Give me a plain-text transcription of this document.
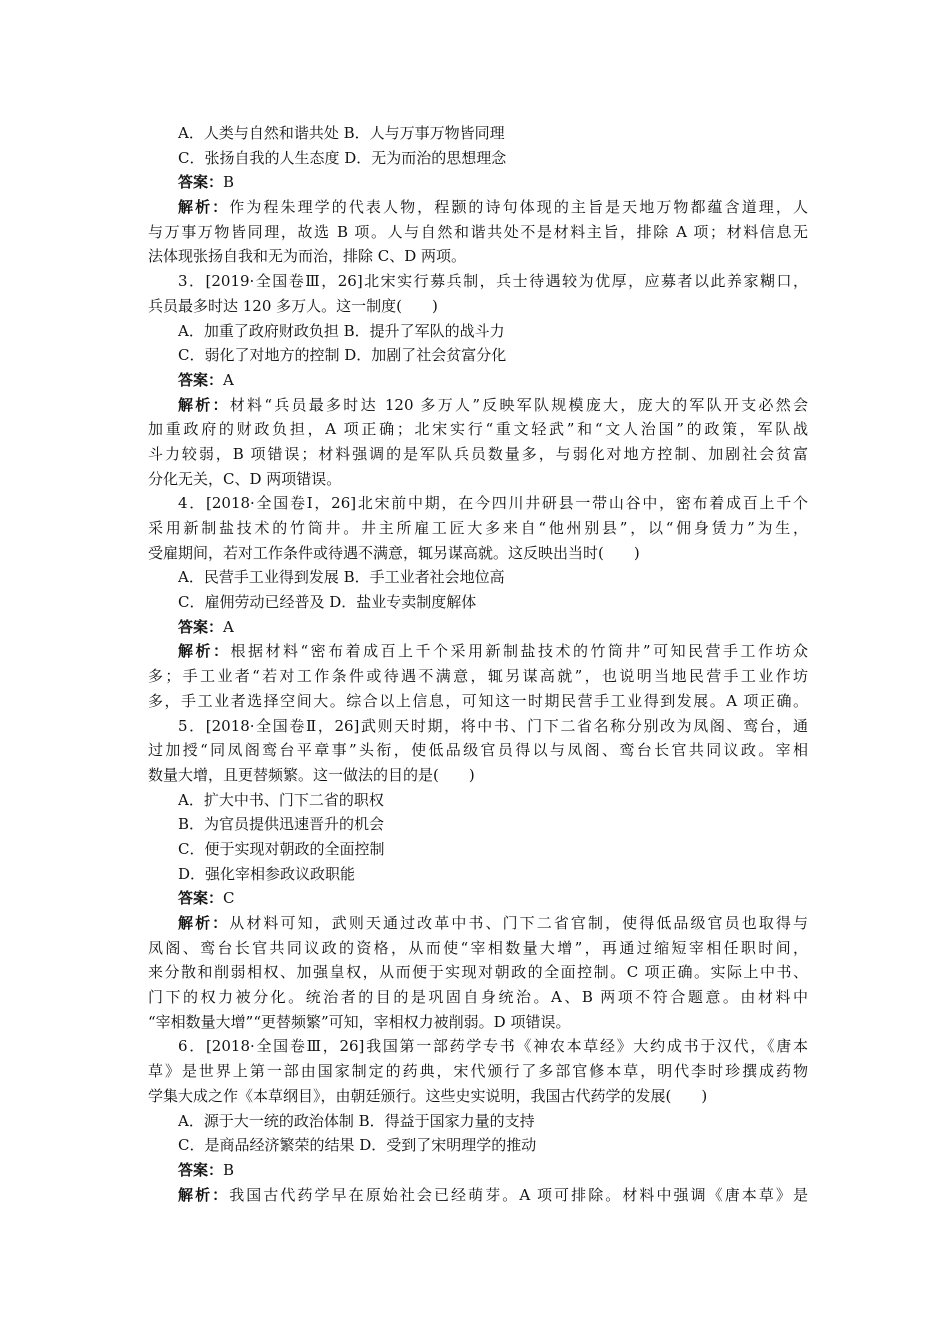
A．人类与自然和谐共处 B．人与万事万物皆同理
C．张扬自我的人生态度 D．无为而治的思想理念
答案：B
解析：作为程朱理学的代表人物，程颢的诗句体现的主旨是天地万物都蕴含道理，人
与万事万物皆同理，故选 B 项。人与自然和谐共处不是材料主旨，排除 A 项；材料信息无
法体现张扬自我和无为而治，排除 C、D 两项。
3．[2019·全国卷Ⅲ，26]北宋实行募兵制，兵士待遇较为优厚，应募者以此养家糊口，
兵员最多时达 120 多万人。这一制度(　　)
A．加重了政府财政负担 B．提升了军队的战斗力
C．弱化了对地方的控制 D．加剧了社会贫富分化
答案：A
解析：材料“兵员最多时达 120 多万人”反映军队规模庞大，庞大的军队开支必然会
加重政府的财政负担，A 项正确；北宋实行“重文轻武”和“文人治国”的政策，军队战
斗力较弱，B 项错误；材料强调的是军队兵员数量多，与弱化对地方控制、加剧社会贫富
分化无关，C、D 两项错误。
4．[2018·全国卷Ⅰ，26]北宋前中期，在今四川井研县一带山谷中，密布着成百上千个
采用新制盐技术的竹筒井。井主所雇工匠大多来自“他州别县”，以“佣身赁力”为生，
受雇期间，若对工作条件或待遇不满意，辄另谋高就。这反映出当时(　　)
A．民营手工业得到发展 B．手工业者社会地位高
C．雇佣劳动已经普及 D．盐业专卖制度解体
答案：A
解析：根据材料“密布着成百上千个采用新制盐技术的竹筒井”可知民营手工作坊众
多；手工业者“若对工作条件或待遇不满意，辄另谋高就”，也说明当地民营手工业作坊
多，手工业者选择空间大。综合以上信息，可知这一时期民营手工业得到发展。A 项正确。
5．[2018·全国卷Ⅱ，26]武则天时期，将中书、门下二省名称分别改为凤阁、鸾台，通
过加授“同凤阁鸾台平章事”头衔，使低品级官员得以与凤阁、鸾台长官共同议政。宰相
数量大增，且更替频繁。这一做法的目的是(　　)
A．扩大中书、门下二省的职权
B．为官员提供迅速晋升的机会
C．便于实现对朝政的全面控制
D．强化宰相参政议政职能
答案：C
解析：从材料可知，武则天通过改革中书、门下二省官制，使得低品级官员也取得与
凤阁、鸾台长官共同议政的资格，从而使“宰相数量大增”，再通过缩短宰相任职时间，
来分散和削弱相权、加强皇权，从而便于实现对朝政的全面控制。C 项正确。实际上中书、
门下的权力被分化。统治者的目的是巩固自身统治。A、B 两项不符合题意。由材料中
“宰相数量大增”“更替频繁”可知，宰相权力被削弱。D 项错误。
6．[2018·全国卷Ⅲ，26]我国第一部药学专书《神农本草经》大约成书于汉代，《唐本
草》是世界上第一部由国家制定的药典，宋代颁行了多部官修本草，明代李时珍撰成药物
学集大成之作《本草纲目》，由朝廷颁行。这些史实说明，我国古代药学的发展(　　)
A．源于大一统的政治体制 B．得益于国家力量的支持
C．是商品经济繁荣的结果 D．受到了宋明理学的推动
答案：B
解析：我国古代药学早在原始社会已经萌芽。A 项可排除。材料中强调《唐本草》是
